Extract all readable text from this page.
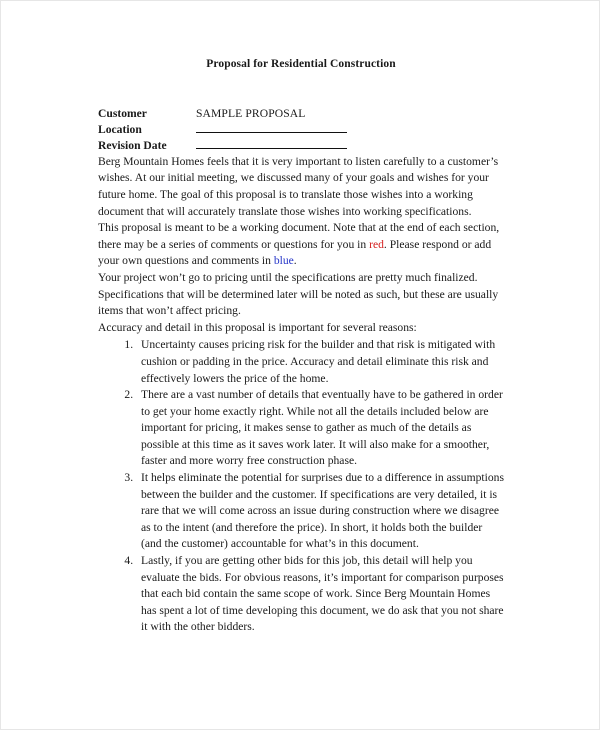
Proposal for Residential Construction
Customer	SAMPLE PROPOSAL
Location
Revision Date

Berg Mountain Homes feels that it is very important to listen carefully to a customer’s wishes. At our initial meeting, we discussed many of your goals and wishes for your future home. The goal of this proposal is to translate those wishes into a working document that will accurately translate those wishes into working specifications.

This proposal is meant to be a working document. Note that at the end of each section, there may be a series of comments or questions for you in red. Please respond or add your own questions and comments in blue.

Your project won’t go to pricing until the specifications are pretty much finalized. Specifications that will be determined later will be noted as such, but these are usually items that won’t affect pricing.

Accuracy and detail in this proposal is important for several reasons:

1. Uncertainty causes pricing risk for the builder and that risk is mitigated with cushion or padding in the price. Accuracy and detail eliminate this risk and effectively lowers the price of the home.
2. There are a vast number of details that eventually have to be gathered in order to get your home exactly right. While not all the details included below are important for pricing, it makes sense to gather as much of the details as possible at this time as it saves work later. It will also make for a smoother, faster and more worry free construction phase.
3. It helps eliminate the potential for surprises due to a difference in assumptions between the builder and the customer. If specifications are very detailed, it is rare that we will come across an issue during construction where we disagree as to the intent (and therefore the price). In short, it holds both the builder (and the customer) accountable for what’s in this document.
4. Lastly, if you are getting other bids for this job, this detail will help you evaluate the bids. For obvious reasons, it’s important for comparison purposes that each bid contain the same scope of work. Since Berg Mountain Homes has spent a lot of time developing this document, we do ask that you not share it with the other bidders.
